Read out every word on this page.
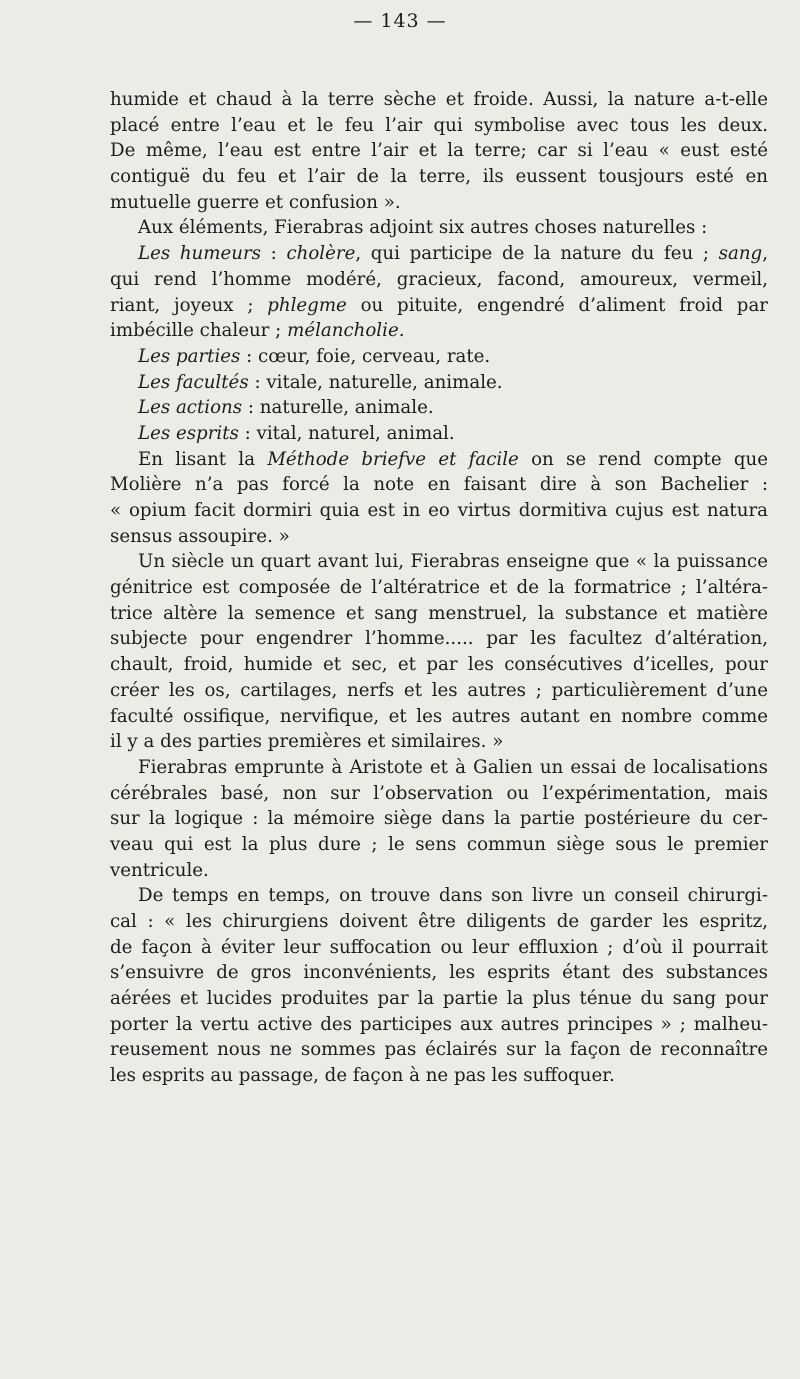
— 143 —
humide et chaud à la terre sèche et froide. Aussi, la nature a-t-elle
placé entre l’eau et le feu l’air qui symbolise avec tous les deux.
De même, l’eau est entre l’air et la terre; car si l’eau « eust esté
contiguë du feu et l’air de la terre, ils eussent tousjours esté en
mutuelle guerre et confusion ».
Aux éléments, Fierabras adjoint six autres choses naturelles :
Les humeurs : cholère, qui participe de la nature du feu ; sang,
qui rend l’homme modéré, gracieux, facond, amoureux, vermeil,
riant, joyeux ; phlegme ou pituite, engendré d’aliment froid par
imbécille chaleur ; mélancholie.
Les parties : cœur, foie, cerveau, rate.
Les facultés : vitale, naturelle, animale.
Les actions : naturelle, animale.
Les esprits : vital, naturel, animal.
En lisant la Méthode briefve et facile on se rend compte que
Molière n’a pas forcé la note en faisant dire à son Bachelier :
« opium facit dormiri quia est in eo virtus dormitiva cujus est natura
sensus assoupire. »
Un siècle un quart avant lui, Fierabras enseigne que « la puissance
génitrice est composée de l’altératrice et de la formatrice ; l’altéra-
trice altère la semence et sang menstruel, la substance et matière
subjecte pour engendrer l’homme..... par les facultez d’altération,
chault, froid, humide et sec, et par les consécutives d’icelles, pour
créer les os, cartilages, nerfs et les autres ; particulièrement d’une
faculté ossifique, nervifique, et les autres autant en nombre comme
il y a des parties premières et similaires. »
Fierabras emprunte à Aristote et à Galien un essai de localisations
cérébrales basé, non sur l’observation ou l’expérimentation, mais
sur la logique : la mémoire siège dans la partie postérieure du cer-
veau qui est la plus dure ; le sens commun siège sous le premier
ventricule.
De temps en temps, on trouve dans son livre un conseil chirurgi-
cal : « les chirurgiens doivent être diligents de garder les espritz,
de façon à éviter leur suffocation ou leur effluxion ; d’où il pourrait
s’ensuivre de gros inconvénients, les esprits étant des substances
aérées et lucides produites par la partie la plus ténue du sang pour
porter la vertu active des participes aux autres principes » ; malheu-
reusement nous ne sommes pas éclairés sur la façon de reconnaître
les esprits au passage, de façon à ne pas les suffoquer.
